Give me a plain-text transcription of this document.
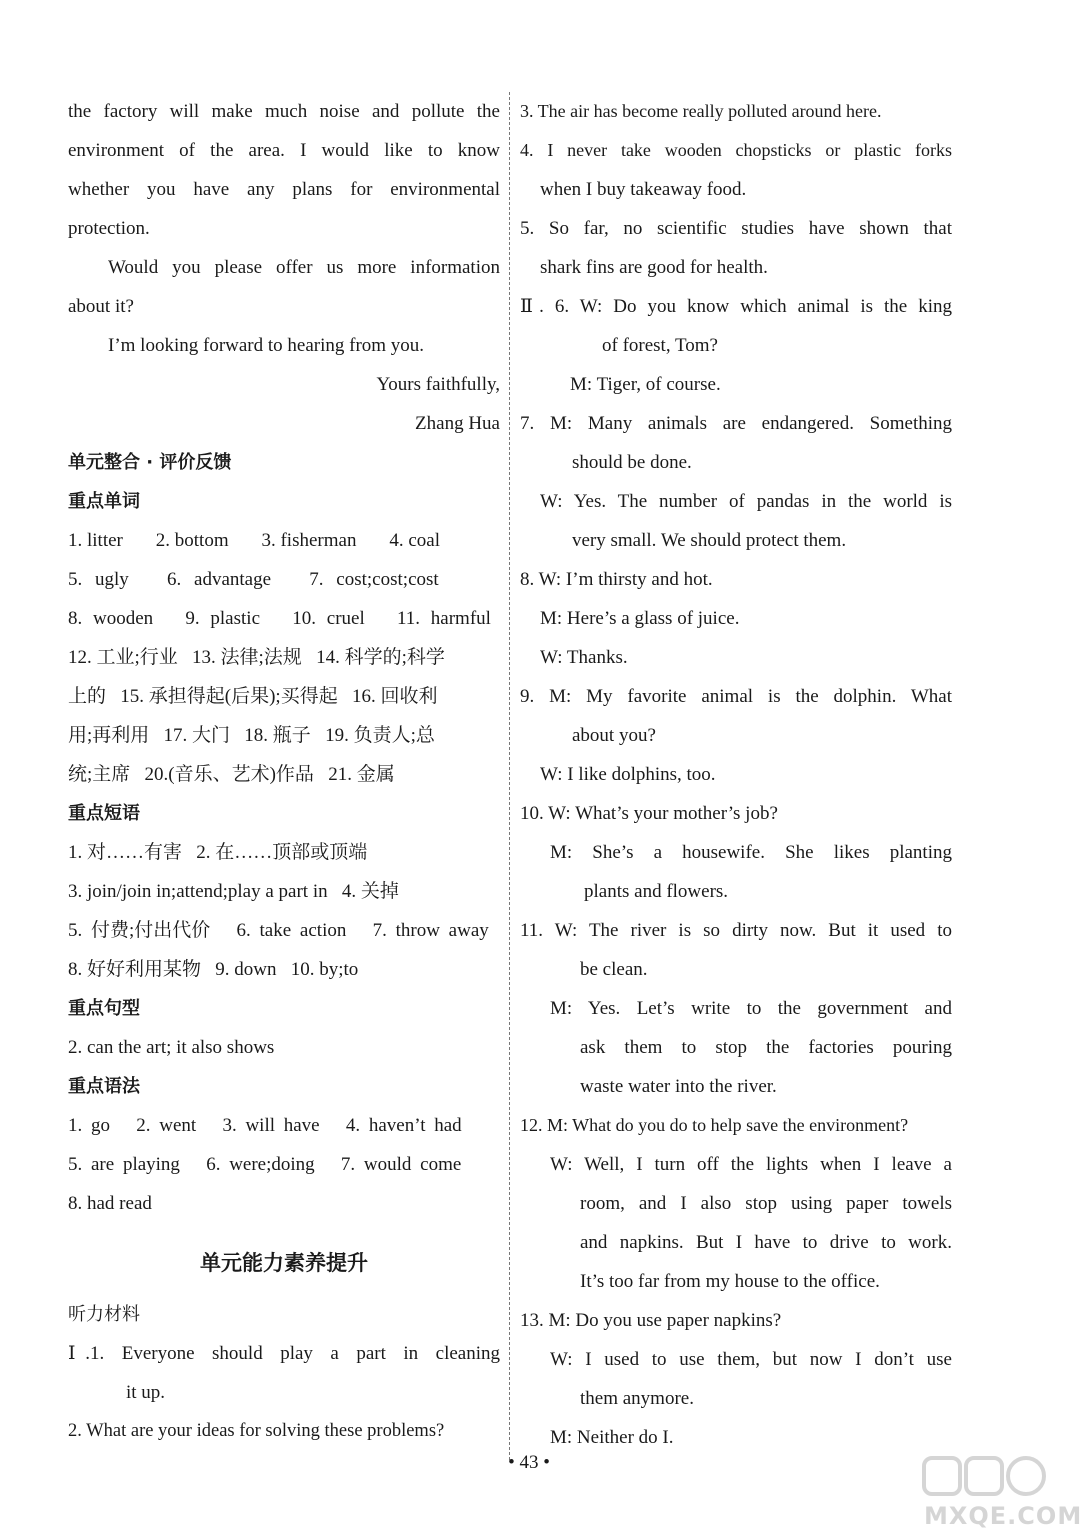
the factory will make much noise and pollute the
environment of the area. I would like to know
whether you have any plans for environmental
protection.
Would you please offer us more information
about it?
I’m looking forward to hearing from you.
Yours faithfully,
Zhang Hua
单元整合 · 评价反馈
重点单词
1. litter 2. bottom 3. fisherman 4. coal
5. ugly 6. advantage 7. cost;cost;cost
8. wooden 9. plastic 10. cruel 11. harmful
12. 工业;行业 13. 法律;法规 14. 科学的;科学
上的 15. 承担得起(后果);买得起 16. 回收利
用;再利用 17. 大门 18. 瓶子 19. 负责人;总
统;主席 20.(音乐、艺术)作品 21. 金属
重点短语
1. 对……有害 2. 在……顶部或顶端
3. join/join in;attend;play a part in 4. 关掉
5. 付费;付出代价 6. take action 7. throw away
8. 好好利用某物 9. down 10. by;to
重点句型
2. can the art; it also shows
重点语法
1. go 2. went 3. will have 4. haven’t had
5. are playing 6. were;doing 7. would come
8. had read
单元能力素养提升
听力材料
Ⅰ.1. Everyone should play a part in cleaning
it up.
2. What are your ideas for solving these problems?
3. The air has become really polluted around here.
4. I never take wooden chopsticks or plastic forks
when I buy takeaway food.
5. So far, no scientific studies have shown that
shark fins are good for health.
Ⅱ. 6. W: Do you know which animal is the king
of forest, Tom?
M: Tiger, of course.
7. M: Many animals are endangered. Something
should be done.
W: Yes. The number of pandas in the world is
very small. We should protect them.
8. W: I’m thirsty and hot.
M: Here’s a glass of juice.
W: Thanks.
9. M: My favorite animal is the dolphin. What
about you?
W: I like dolphins, too.
10. W: What’s your mother’s job?
M: She’s a housewife. She likes planting
plants and flowers.
11. W: The river is so dirty now. But it used to
be clean.
M: Yes. Let’s write to the government and
ask them to stop the factories pouring
waste water into the river.
12. M: What do you do to help save the environment?
W: Well, I turn off the lights when I leave a
room, and I also stop using paper towels
and napkins. But I have to drive to work.
It’s too far from my house to the office.
13. M: Do you use paper napkins?
W: I used to use them, but now I don’t use
them anymore.
M: Neither do I.
• 43 •
MXQE.COM
